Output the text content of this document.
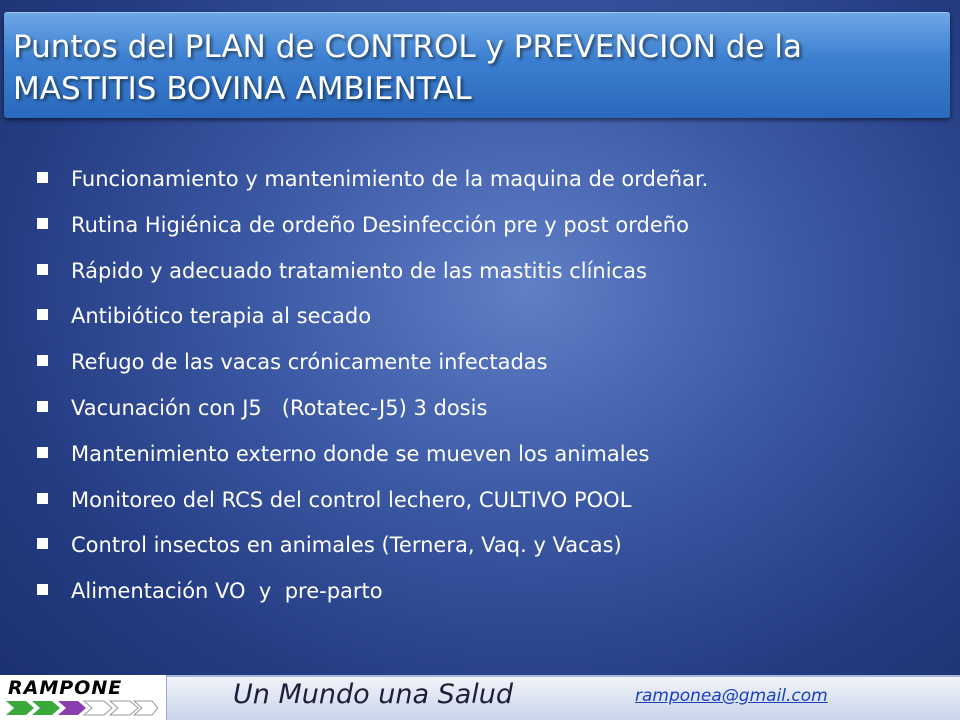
Puntos del PLAN de CONTROL y PREVENCION de la MASTITIS BOVINA AMBIENTAL
Funcionamiento y mantenimiento de la maquina de ordeñar.
Rutina Higiénica de ordeño Desinfección pre y post ordeño
Rápido y adecuado tratamiento de las mastitis clínicas
Antibiótico terapia al secado
Refugo de las vacas crónicamente infectadas
Vacunación con J5   (Rotatec-J5) 3 dosis
Mantenimiento externo donde se mueven los animales
Monitoreo del RCS del control lechero, CULTIVO POOL
Control insectos en animales (Ternera, Vaq. y Vacas)
Alimentación VO  y  pre-parto
RAMPONE	Un Mundo una Salud	ramponea@gmail.com
